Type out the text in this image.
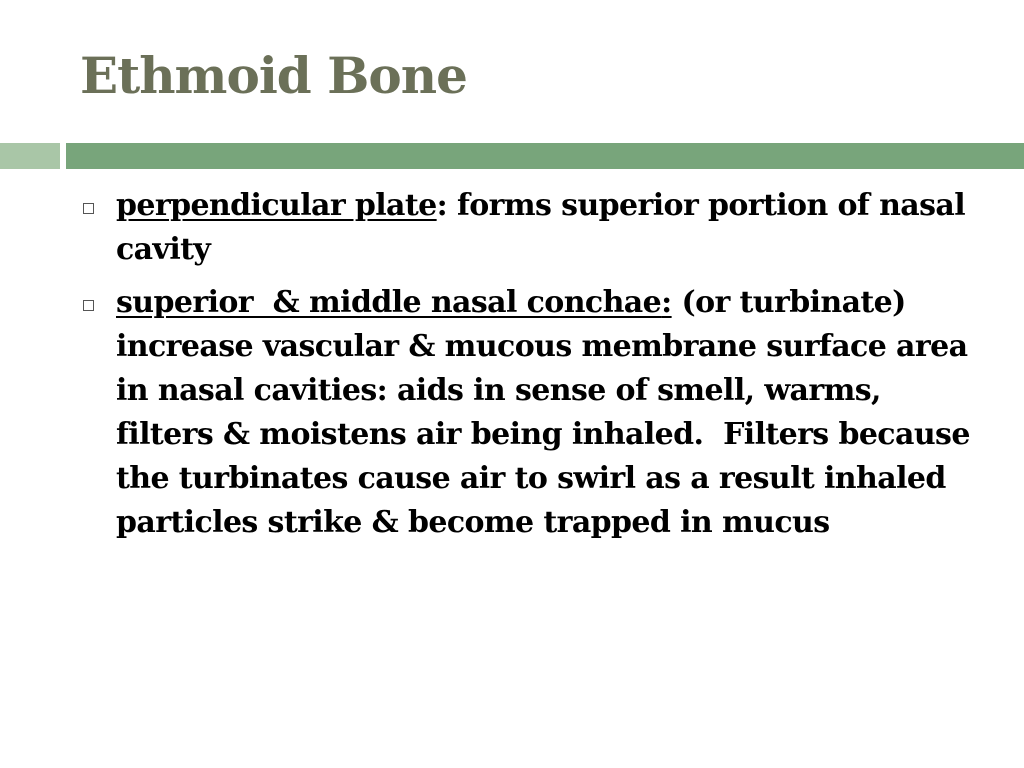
Ethmoid Bone
perpendicular plate: forms superior portion of nasal cavity
superior  & middle nasal conchae: (or turbinate) increase vascular & mucous membrane surface area in nasal cavities: aids in sense of smell, warms, filters & moistens air being inhaled.  Filters because the turbinates cause air to swirl as a result inhaled particles strike & become trapped in mucus
